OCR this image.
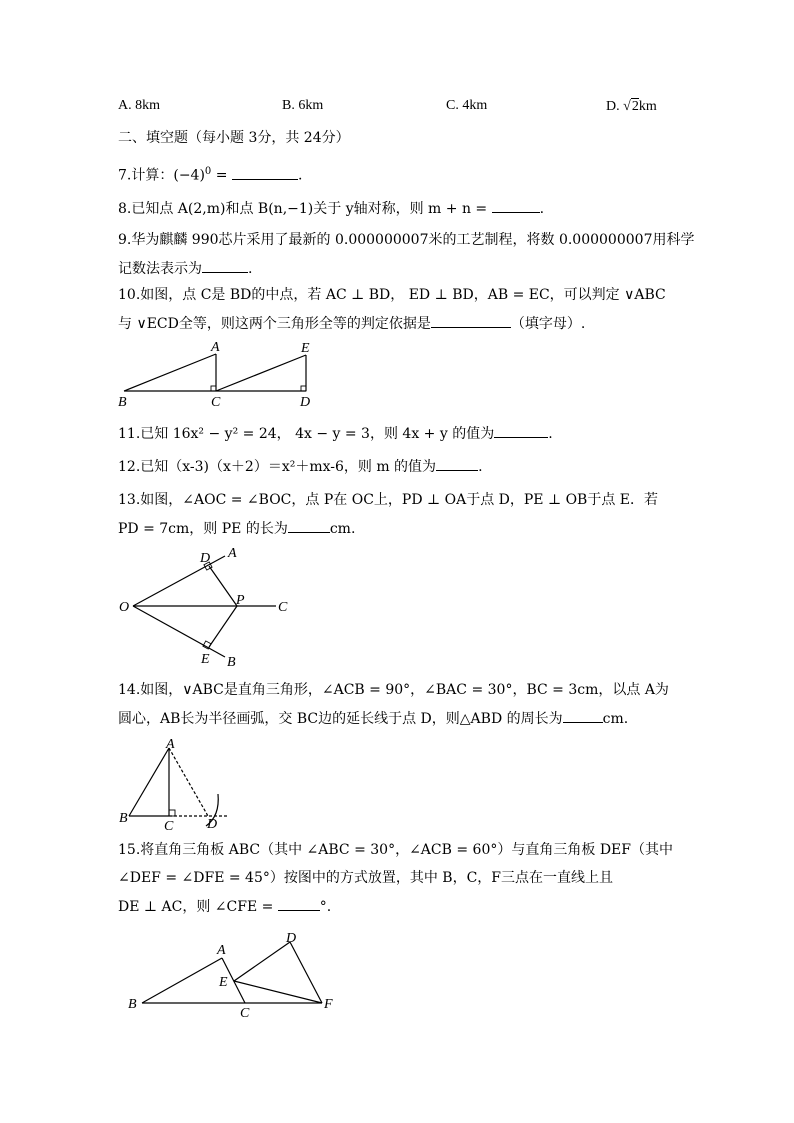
A. 8km	B. 6km	C. 4km	D. √2km
二、填空题（每小题 3分，共 24分）
7.计算：$(-4)^0$ =	.
8.已知点 A(2,m)和点 B(n,−1)关于 y轴对称，则 m + n =	.
9.华为麒麟 990芯片采用了最新的 0.000000007米的工艺制程，将数 0.000000007用科学
记数法表示为	.
10.如图，点 C是 BD的中点，若 AC ⊥ BD， ED ⊥ BD，AB = EC，可以判定 ∨ABC
与 ∨ECD全等，则这两个三角形全等的判定依据是	（填字母）.
A	E
B	C	D
11.已知 16x² − y² = 24， 4x − y = 3，则 4x + y 的值为	.
12.已知（x-3)（x＋2）＝x²＋mx-6，则 m 的值为	.
13.如图，∠AOC = ∠BOC，点 P在 OC上，PD ⊥ OA于点 D，PE ⊥ OB于点 E．若
PD = 7cm，则 PE 的长为	cm.
D A
O	P C
E B
14.如图，∨ABC是直角三角形，∠ACB = 90°，∠BAC = 30°，BC = 3cm，以点 A为
圆心，AB长为半径画弧，交 BC边的延长线于点 D，则△ABD 的周长为	cm.
A
B
C D
15.将直角三角板 ABC（其中 ∠ABC = 30°，∠ACB = 60°）与直角三角板 DEF（其中
∠DEF = ∠DFE = 45°）按图中的方式放置，其中 B，C，F三点在一直线上且
DE ⊥ AC，则 ∠CFE =	°.
A
D
E
B
C
F
